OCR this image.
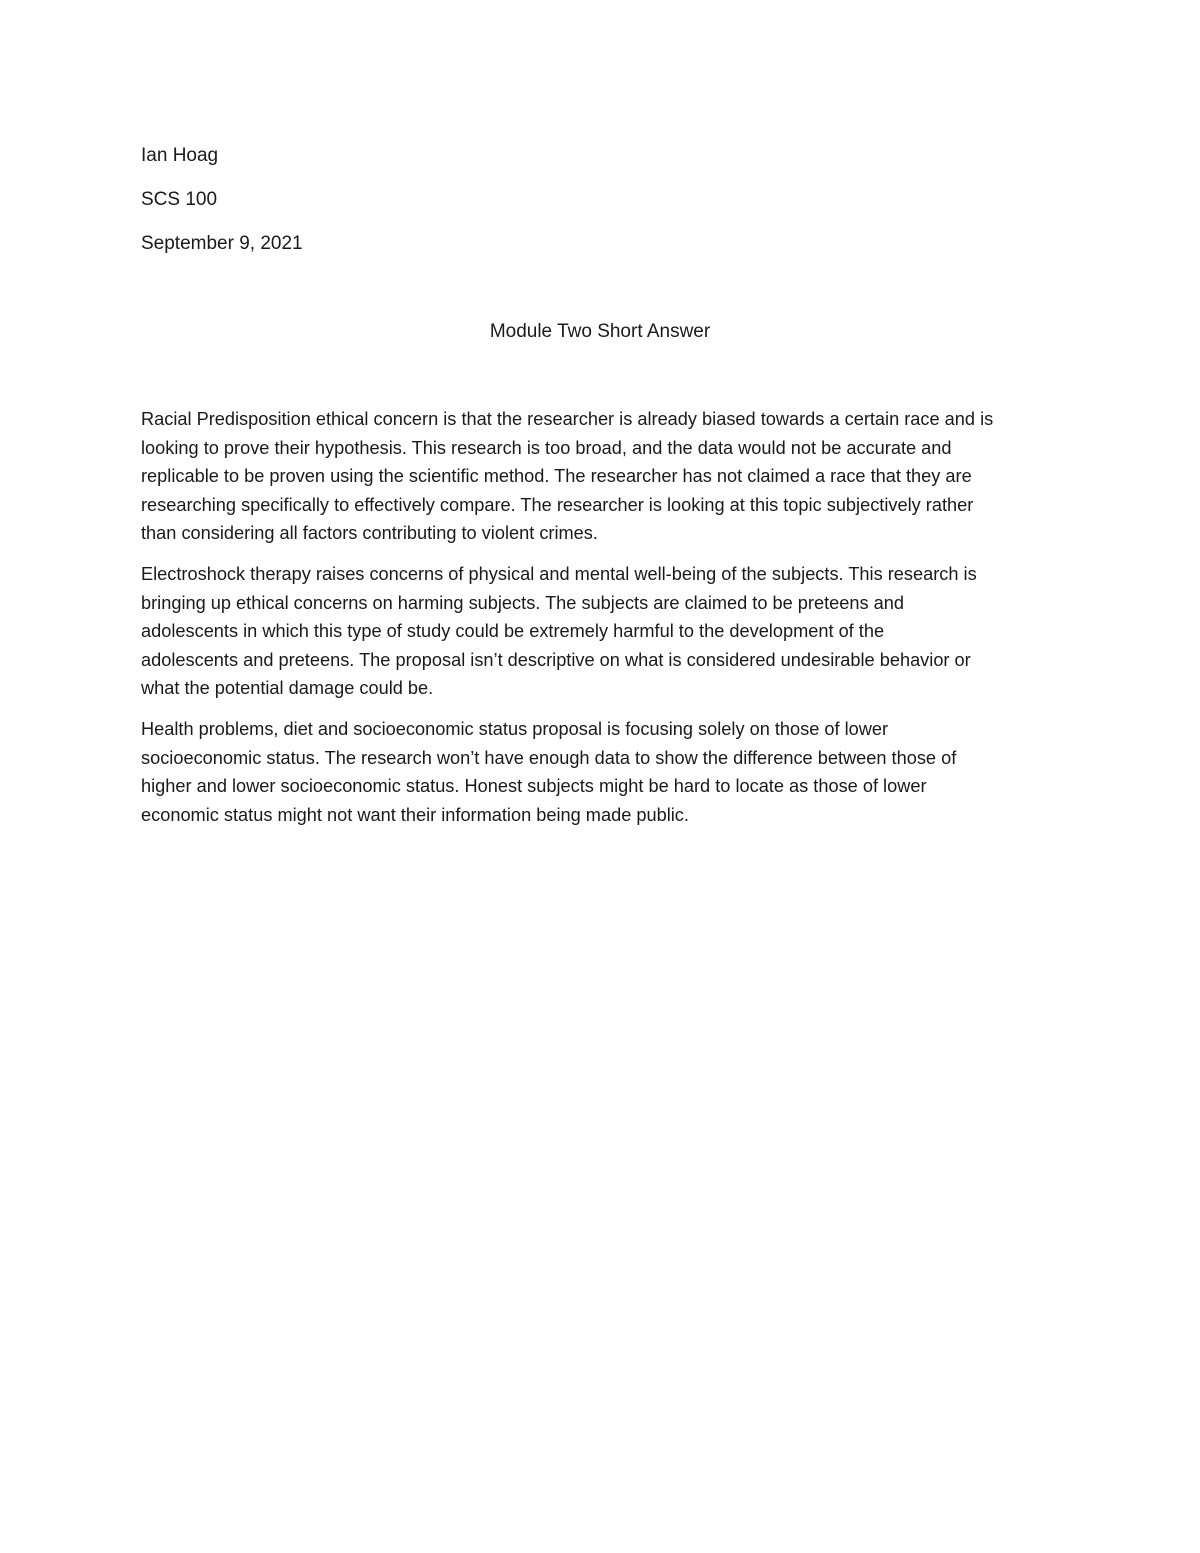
Ian Hoag
SCS 100
September 9, 2021
Module Two Short Answer

Racial Predisposition ethical concern is that the researcher is already biased towards a certain race and is
looking to prove their hypothesis. This research is too broad, and the data would not be accurate and
replicable to be proven using the scientific method. The researcher has not claimed a race that they are
researching specifically to effectively compare. The researcher is looking at this topic subjectively rather
than considering all factors contributing to violent crimes.

Electroshock therapy raises concerns of physical and mental well-being of the subjects. This research is
bringing up ethical concerns on harming subjects. The subjects are claimed to be preteens and
adolescents in which this type of study could be extremely harmful to the development of the
adolescents and preteens. The proposal isn’t descriptive on what is considered undesirable behavior or
what the potential damage could be.

Health problems, diet and socioeconomic status proposal is focusing solely on those of lower
socioeconomic status. The research won’t have enough data to show the difference between those of
higher and lower socioeconomic status. Honest subjects might be hard to locate as those of lower
economic status might not want their information being made public.
